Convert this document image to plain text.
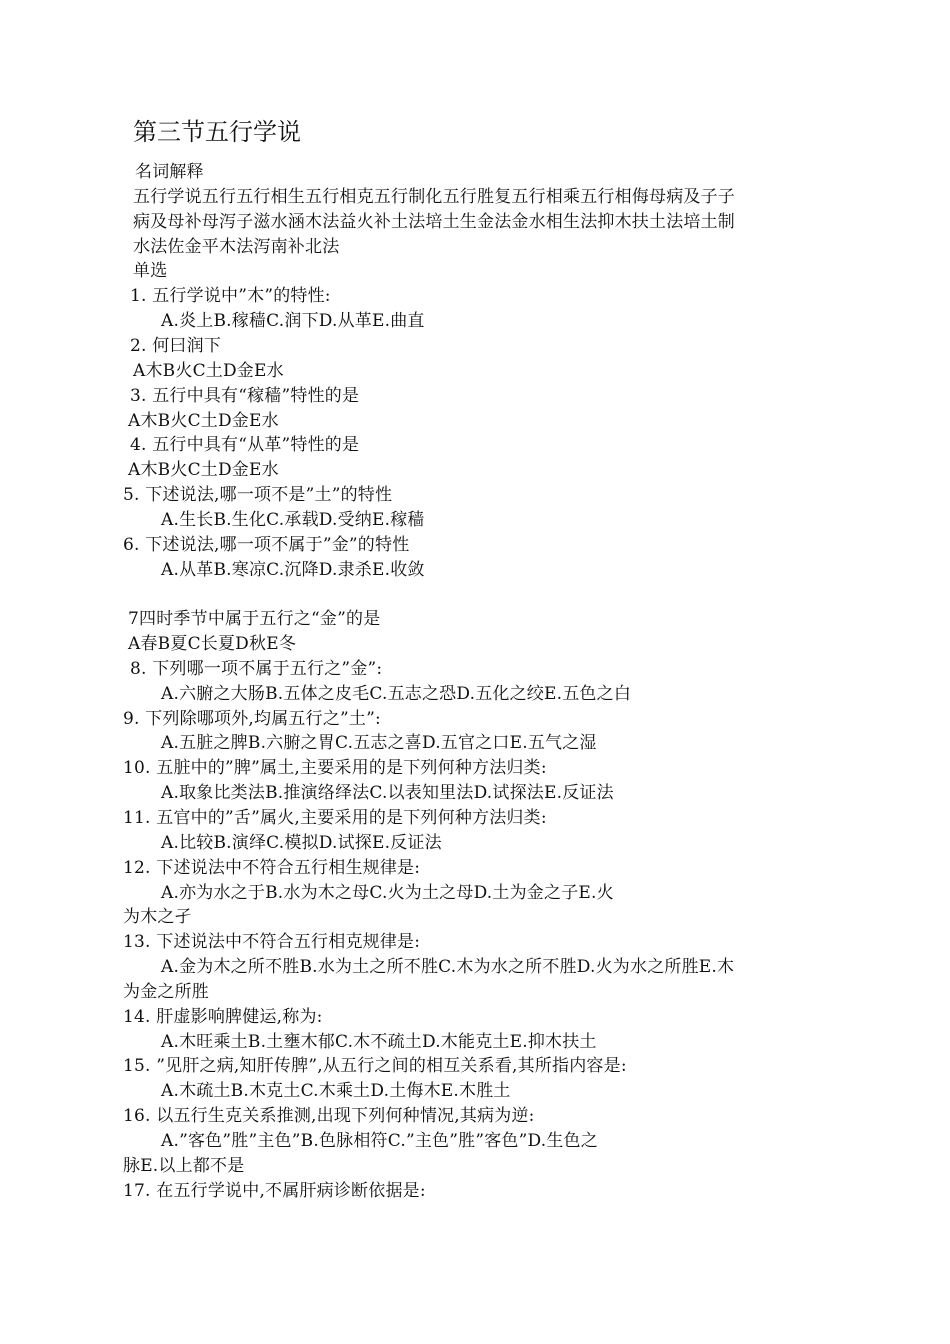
第三节五行学说
名词解释
五行学说五行五行相生五行相克五行制化五行胜复五行相乘五行相侮母病及子子
病及母补母泻子滋水涵木法益火补土法培土生金法金水相生法抑木扶土法培土制
水法佐金平木法泻南补北法
单选
1. 五行学说中”木”的特性:
A.炎上B.稼穑C.润下D.从革E.曲直
2. 何曰润下
A木B火C土D金E水
3. 五行中具有“稼穑”特性的是
A木B火C土D金E水
4. 五行中具有“从革”特性的是
A木B火C土D金E水
5. 下述说法,哪一项不是”土”的特性
A.生长B.生化C.承载D.受纳E.稼穑
6. 下述说法,哪一项不属于”金”的特性
A.从革B.寒凉C.沉降D.隶杀E.收敛
7四时季节中属于五行之“金”的是
A春B夏C长夏D秋E冬
8. 下列哪一项不属于五行之”金”:
A.六腑之大肠B.五体之皮毛C.五志之恐D.五化之绞E.五色之白
9. 下列除哪项外,均属五行之”土”:
A.五脏之脾B.六腑之胃C.五志之喜D.五官之口E.五气之湿
10. 五脏中的”脾”属土,主要采用的是下列何种方法归类:
A.取象比类法B.推演络绎法C.以表知里法D.试探法E.反证法
11. 五官中的”舌”属火,主要采用的是下列何种方法归类:
A.比较B.演绎C.模拟D.试探E.反证法
12. 下述说法中不符合五行相生规律是:
A.亦为水之于B.水为木之母C.火为土之母D.土为金之子E.火
为木之孑
13. 下述说法中不符合五行相克规律是:
A.金为木之所不胜B.水为土之所不胜C.木为水之所不胜D.火为水之所胜E.木
为金之所胜
14. 肝虚影响脾健运,称为:
A.木旺乘土B.土壅木郁C.木不疏土D.木能克土E.抑木扶土
15. ”见肝之病,知肝传脾”,从五行之间的相互关系看,其所指内容是:
A.木疏土B.木克土C.木乘土D.土侮木E.木胜土
16. 以五行生克关系推测,出现下列何种情况,其病为逆:
A.”客色”胜”主色”B.色脉相符C.”主色”胜”客色”D.生色之
脉E.以上都不是
17. 在五行学说中,不属肝病诊断依据是:
